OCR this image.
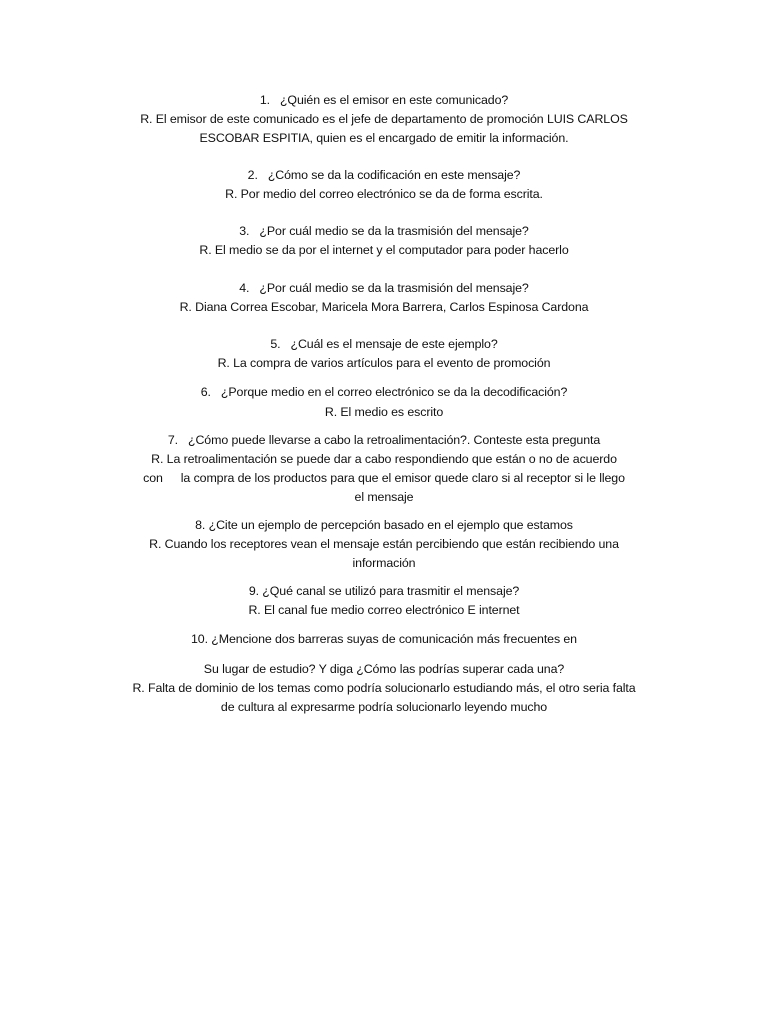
1. ¿Quién es el emisor en este comunicado?
R. El emisor de este comunicado es el jefe de departamento de promoción LUIS CARLOS
ESCOBAR ESPITIA, quien es el encargado de emitir la información.
2. ¿Cómo se da la codificación en este mensaje?
R. Por medio del correo electrónico se da de forma escrita.
3. ¿Por cuál medio se da la trasmisión del mensaje?
R. El medio se da por el internet y el computador para poder hacerlo
4. ¿Por cuál medio se da la trasmisión del mensaje?
R. Diana Correa Escobar, Maricela Mora Barrera, Carlos Espinosa Cardona
5. ¿Cuál es el mensaje de este ejemplo?
R. La compra de varios artículos para el evento de promoción
6. ¿Porque medio en el correo electrónico se da la decodificación?
R. El medio es escrito
7. ¿Cómo puede llevarse a cabo la retroalimentación?. Conteste esta pregunta
R. La retroalimentación se puede dar a cabo respondiendo que están o no de acuerdo
con la compra de los productos para que el emisor quede claro si al receptor si le llego
el mensaje
8. ¿Cite un ejemplo de percepción basado en el ejemplo que estamos
R. Cuando los receptores vean el mensaje están percibiendo que están recibiendo una
información
9. ¿Qué canal se utilizó para trasmitir el mensaje?
R. El canal fue medio correo electrónico E internet
10. ¿Mencione dos barreras suyas de comunicación más frecuentes en
Su lugar de estudio? Y diga ¿Cómo las podrías superar cada una?
R. Falta de dominio de los temas como podría solucionarlo estudiando más, el otro seria falta
de cultura al expresarme podría solucionarlo leyendo mucho
